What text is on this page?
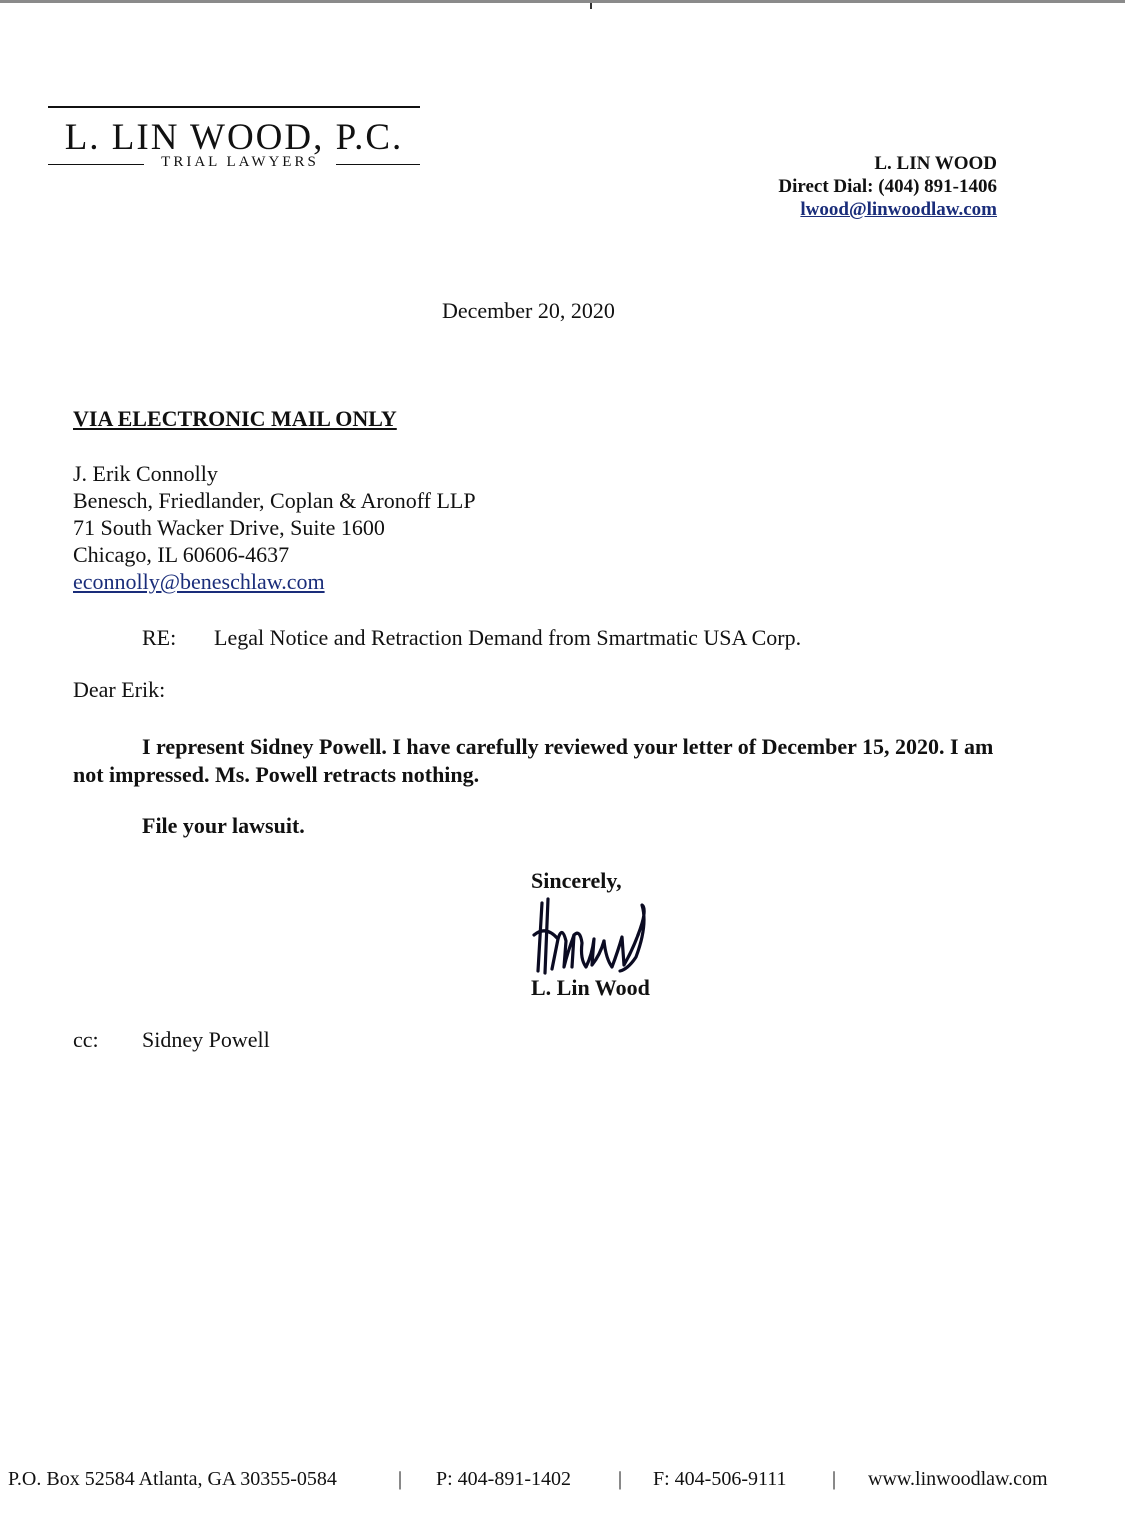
L. LIN WOOD, P.C.
TRIAL LAWYERS	L. LIN WOOD
Direct Dial: (404) 891-1406
lwood@linwoodlaw.com
December 20, 2020
VIA ELECTRONIC MAIL ONLY
J. Erik Connolly
Benesch, Friedlander, Coplan & Aronoff LLP
71 South Wacker Drive, Suite 1600
Chicago, IL 60606-4637
econnolly@beneschlaw.com
RE: Legal Notice and Retraction Demand from Smartmatic USA Corp.
Dear Erik:
I represent Sidney Powell. I have carefully reviewed your letter of December 15, 2020. I am not impressed. Ms. Powell retracts nothing.
File your lawsuit.
Sincerely,
L. Lin Wood
cc: Sidney Powell
P.O. Box 52584 Atlanta, GA 30355-0584	| P: 404-891-1402 | F: 404-506-9111 | www.linwoodlaw.com
